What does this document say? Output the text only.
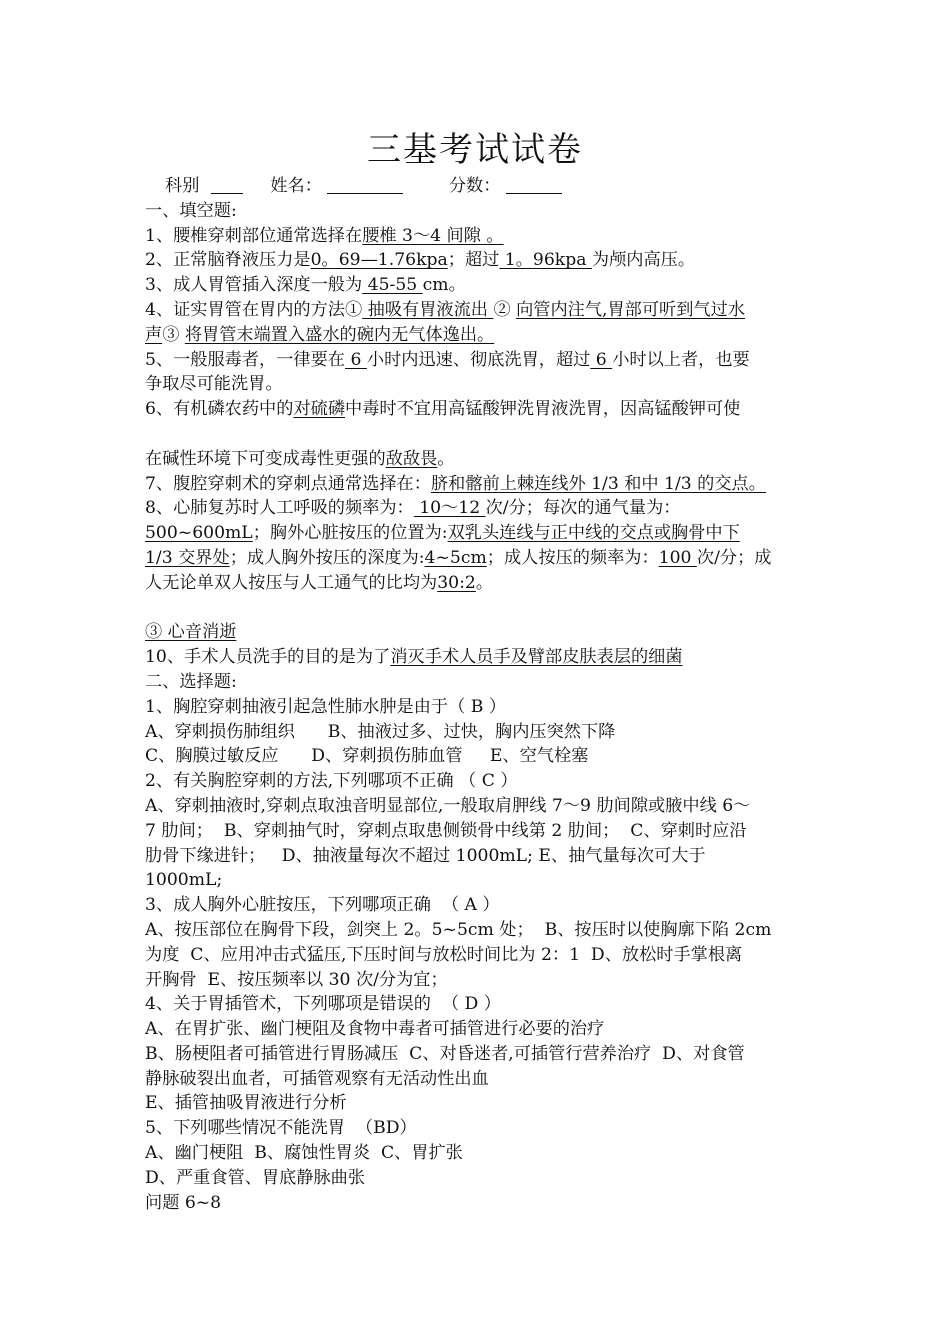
三基考试试卷
科别	姓名：	分数：
一、填空题:
1、腰椎穿刺部位通常选择在腰椎 3～4 间隙 。
2、正常脑脊液压力是0。69—1.76kpa；超过 1。96kpa 为颅内高压。
3、成人胃管插入深度一般为 45-55 cm。
4、证实胃管在胃内的方法① 抽吸有胃液流出 ② 向管内注气,胃部可听到气过水
声③ 将胃管末端置入盛水的碗内无气体逸出。
5、一般服毒者，一律要在 6 小时内迅速、彻底洗胃，超过 6 小时以上者，也要
争取尽可能洗胃。
6、有机磷农药中的对硫磷中毒时不宜用高锰酸钾洗胃液洗胃，因高锰酸钾可使

在碱性环境下可变成毒性更强的敌敌畏。
7、腹腔穿刺术的穿刺点通常选择在：脐和髂前上棘连线外 1/3 和中 1/3 的交点。
8、心肺复苏时人工呼吸的频率为： 10～12 次/分；每次的通气量为：
500~600mL；胸外心脏按压的位置为:双乳头连线与正中线的交点或胸骨中下
1/3 交界处；成人胸外按压的深度为:4~5cm；成人按压的频率为：100 次/分；成
人无论单双人按压与人工通气的比均为30:2。

③ 心音消逝
10、手术人员洗手的目的是为了消灭手术人员手及臂部皮肤表层的细菌
二、选择题:
1、胸腔穿刺抽液引起急性肺水肿是由于（ B ）
A、穿刺损伤肺组织      B、抽液过多、过快，胸内压突然下降
C、胸膜过敏反应      D、穿刺损伤肺血管     E、空气栓塞
2、有关胸腔穿刺的方法,下列哪项不正确 （ C ）
A、穿刺抽液时,穿刺点取浊音明显部位,一般取肩胛线 7～9 肋间隙或腋中线 6～
7 肋间；  B、穿刺抽气时，穿刺点取患侧锁骨中线第 2 肋间；  C、穿刺时应沿
肋骨下缘进针；   D、抽液量每次不超过 1000mL; E、抽气量每次可大于
1000mL;
3、成人胸外心脏按压，下列哪项正确  （ A ）
A、按压部位在胸骨下段，剑突上 2。5~5cm 处；  B、按压时以使胸廓下陷 2cm
为度  C、应用冲击式猛压,下压时间与放松时间比为 2：1  D、放松时手掌根离
开胸骨  E、按压频率以 30 次/分为宜；
4、关于胃插管术，下列哪项是错误的  （ D ）
A、在胃扩张、幽门梗阻及食物中毒者可插管进行必要的治疗
B、肠梗阻者可插管进行胃肠减压  C、对昏迷者,可插管行营养治疗  D、对食管
静脉破裂出血者，可插管观察有无活动性出血
E、插管抽吸胃液进行分析
5、下列哪些情况不能洗胃  （BD）
A、幽门梗阻  B、腐蚀性胃炎  C、胃扩张
D、严重食管、胃底静脉曲张
问题 6~8
